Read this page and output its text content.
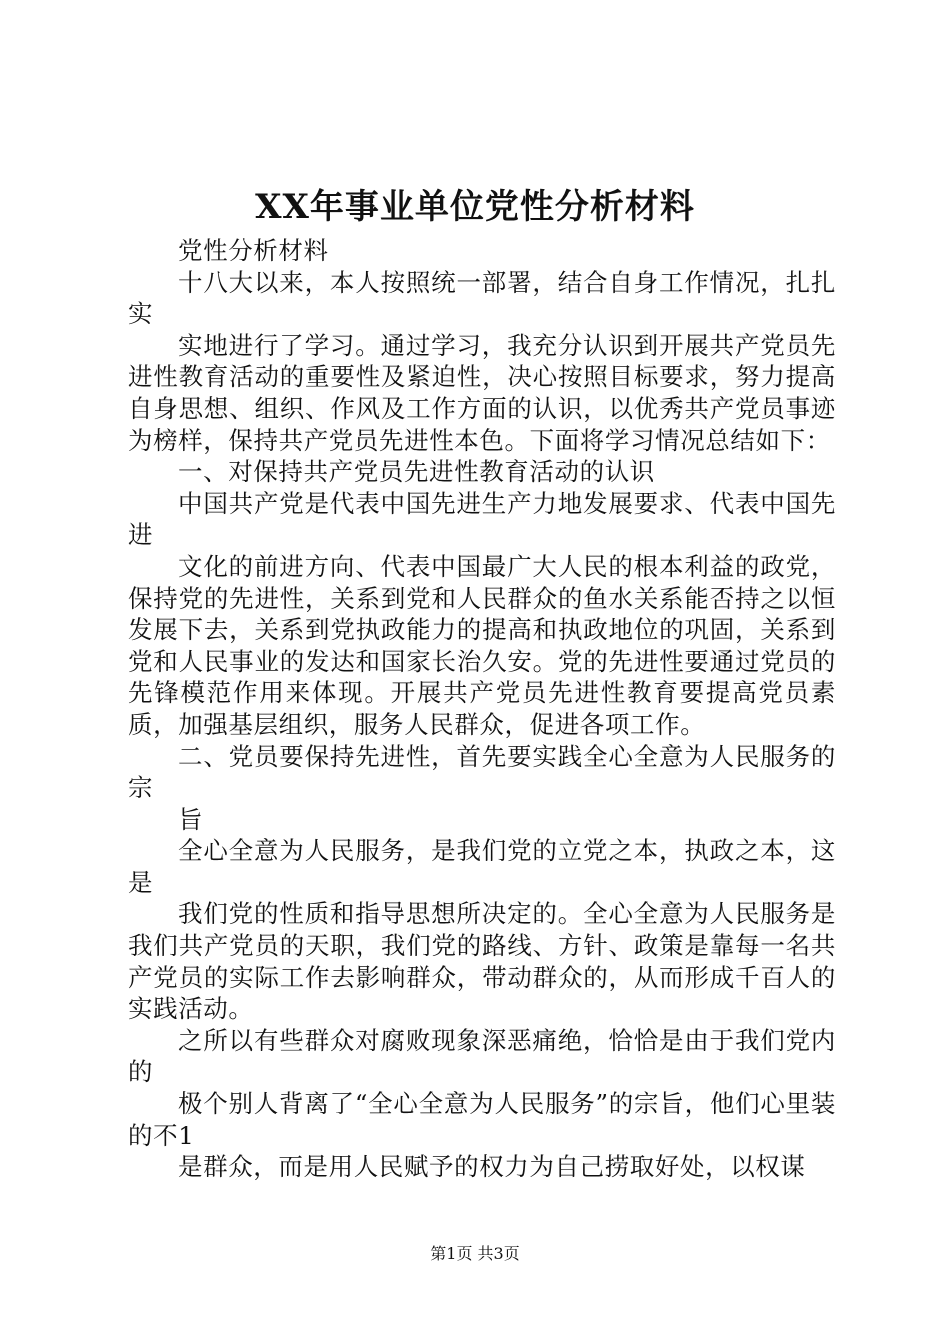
XX年事业单位党性分析材料

党性分析材料

十八大以来，本人按照统一部署，结合自身工作情况，扎扎实

实地进行了学习。通过学习，我充分认识到开展共产党员先进性教育活动的重要性及紧迫性，决心按照目标要求，努力提高自身思想、组织、作风及工作方面的认识，以优秀共产党员事迹为榜样，保持共产党员先进性本色。下面将学习情况总结如下：

一、对保持共产党员先进性教育活动的认识

中国共产党是代表中国先进生产力地发展要求、代表中国先进

文化的前进方向、代表中国最广大人民的根本利益的政党，保持党的先进性，关系到党和人民群众的鱼水关系能否持之以恒发展下去，关系到党执政能力的提高和执政地位的巩固，关系到党和人民事业的发达和国家长治久安。党的先进性要通过党员的先锋模范作用来体现。开展共产党员先进性教育要提高党员素质，加强基层组织，服务人民群众，促进各项工作。

二、党员要保持先进性，首先要实践全心全意为人民服务的宗

旨

全心全意为人民服务，是我们党的立党之本，执政之本，这是

我们党的性质和指导思想所决定的。全心全意为人民服务是我们共产党员的天职，我们党的路线、方针、政策是靠每一名共产党员的实际工作去影响群众，带动群众的，从而形成千百人的实践活动。

之所以有些群众对腐败现象深恶痛绝，恰恰是由于我们党内的

极个别人背离了“全心全意为人民服务”的宗旨，他们心里装的不1

是群众，而是用人民赋予的权力为自己捞取好处，以权谋

第1页 共3页
